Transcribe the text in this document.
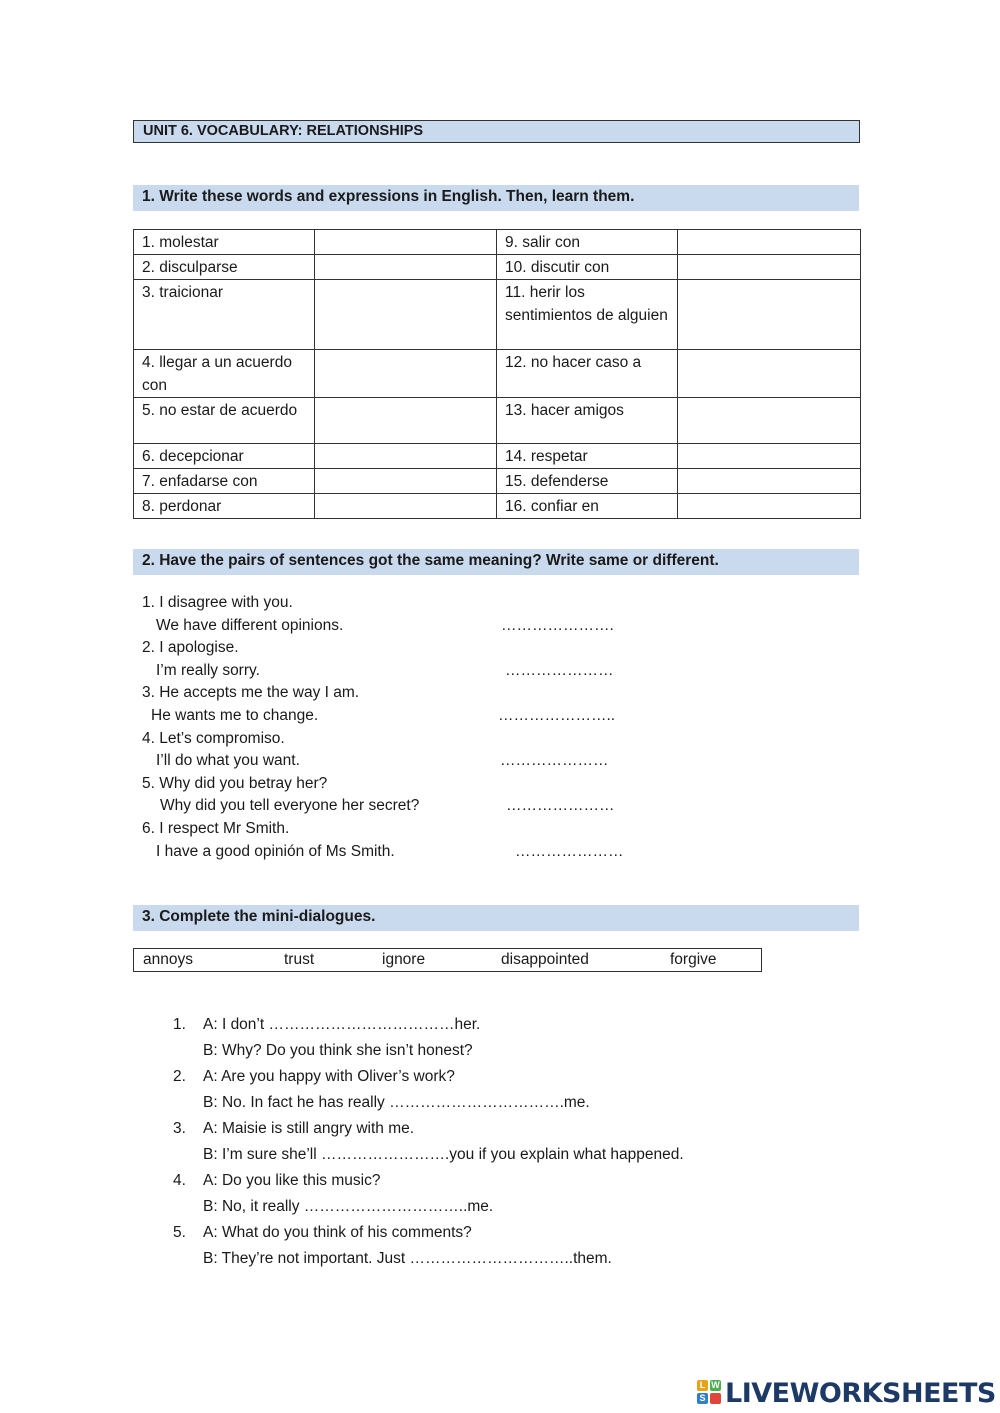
UNIT 6. VOCABULARY: RELATIONSHIPS
1. Write these words and expressions in English. Then, learn them.
1. molestar		9. salir con	
2. disculparse		10. discutir con	
3. traicionar		11. herir los sentimientos de alguien	
4. llegar a un acuerdo con		12. no hacer caso a	
5. no estar de acuerdo		13. hacer amigos	
6. decepcionar		14. respetar	
7. enfadarse con		15. defenderse	
8. perdonar		16. confiar en	
2. Have the pairs of sentences got the same meaning? Write same or different.
1. I disagree with you.
We have different opinions.	………………….
2. I apologise.
I’m really sorry.	…………………
3. He accepts me the way I am.
He wants me to change.	…………………..
4. Let’s compromiso.
I’ll do what you want.	…………………
5. Why did you betray her?
Why did you tell everyone her secret?	…………………
6. I respect Mr Smith.
I have a good opinión of Ms Smith.	…………………
3. Complete the mini-dialogues.
annoys	trust	ignore	disappointed	forgive
1. A: I don’t ………………………………her.
B: Why? Do you think she isn’t honest?
2. A: Are you happy with Oliver’s work?
B: No. In fact he has really …………………………….me.
3. A: Maisie is still angry with me.
B: I’m sure she’ll …………………….you if you explain what happened.
4. A: Do you like this music?
B: No, it really …………………………..me.
5. A: What do you think of his comments?
B: They’re not important. Just …………………………..them.
L W
S LIVEWORKSHEETS
